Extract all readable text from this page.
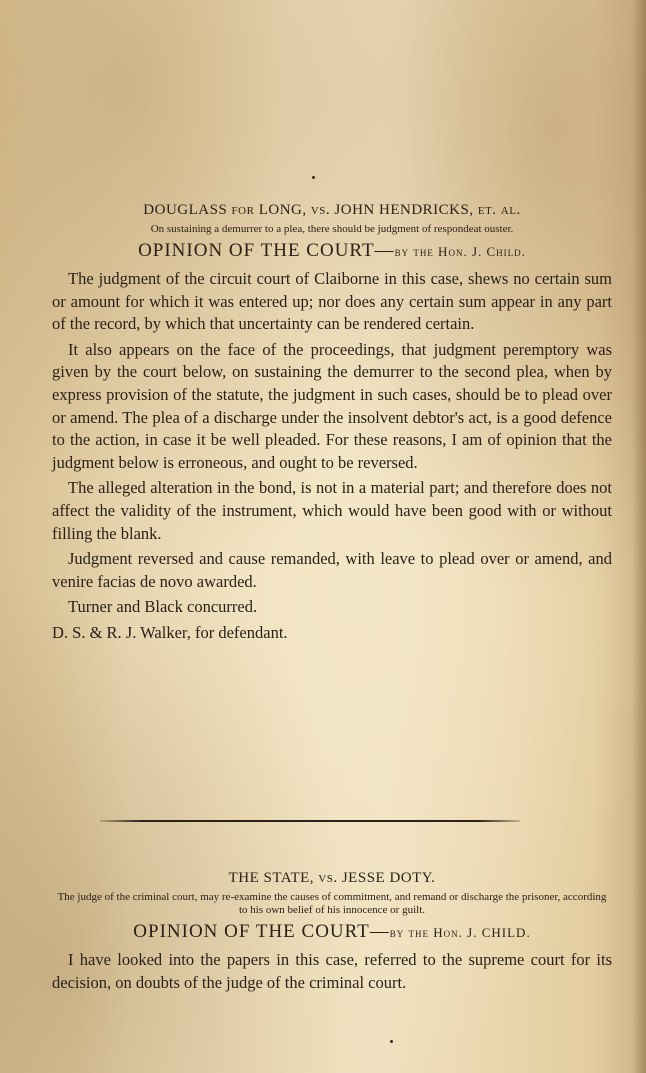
DOUGLASS for LONG, vs. JOHN HENDRICKS, et. al.

On sustaining a demurrer to a plea, there should be judgment of respondeat ouster.

OPINION OF THE COURT—by the Hon. J. Child.

The judgment of the circuit court of Claiborne in this case, shews no certain sum or amount for which it was entered up; nor does any certain sum appear in any part of the record, by which that uncertainty can be rendered certain.

It also appears on the face of the proceedings, that judgment peremptory was given by the court below, on sustaining the demurrer to the second plea, when by express provision of the statute, the judgment in such cases, should be to plead over or amend. The plea of a discharge under the insolvent debtor's act, is a good defence to the action, in case it be well pleaded. For these reasons, I am of opinion that the judgment below is erroneous, and ought to be reversed.

The alleged alteration in the bond, is not in a material part; and therefore does not affect the validity of the instrument, which would have been good with or without filling the blank.

Judgment reversed and cause remanded, with leave to plead over or amend, and venire facias de novo awarded.

Turner and Black concurred.

D. S. & R. J. Walker, for defendant.

THE STATE, vs. JESSE DOTY.

The judge of the criminal court, may re-examine the causes of commitment, and remand or discharge the prisoner, according to his own belief of his innocence or guilt.

OPINION OF THE COURT—by the Hon. J. CHILD.

I have looked into the papers in this case, referred to the supreme court for its decision, on doubts of the judge of the criminal court.
